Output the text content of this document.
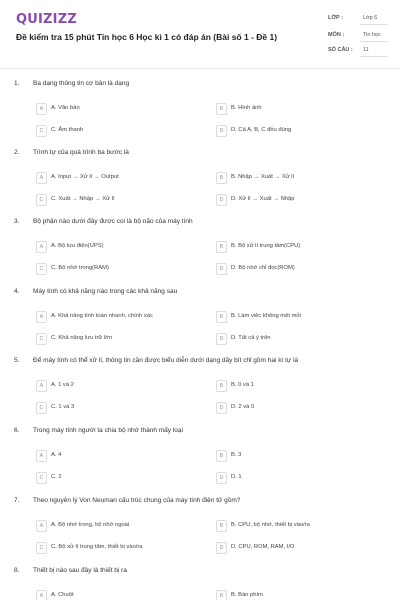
QUIZIZZ
Đề kiểm tra 15 phút Tin học 6 Học kì 1 có đáp án (Bài số 1 - Đề 1)
LỚP :	Lớp 6
MÔN :	Tin học
SỐ CÂU : 11
1. Ba dạng thông tin cơ bản là dạng
A	A. Văn bản	B	B. Hình ảnh
C	C. Âm thanh	D	D. Cả A, B, C đều đúng
2. Trình tự của quá trình ba bước là
A	A. Input → Xử lí → Output	B	B. Nhập → Xuất → Xử lí
C	C. Xuất → Nhập → Xử lí	D	D. Xử lí → Xuất → Nhập
3. Bộ phận nào dưới đây được coi là bộ não của máy tính
A	A. Bộ lưu điện(UPS)	B	B. Bộ xử lí trung tâm(CPU)
C	C. Bộ nhớ trong(RAM)	D	D. Bộ nhớ chỉ đọc(ROM)
4. Máy tính có khả năng nào trong các khả năng sau
A	A. Khả năng tính toán nhanh, chính xác	B	B. Làm việc không mệt mỏi
C	C. Khả năng lưu trữ lớn	D	D. Tất cả ý trên
5. Để máy tính có thể xử lí, thông tin cần được biểu diễn dưới dạng dãy bít chỉ gồm hai kí tự là
A	A. 1 và 2	B	B. 0 và 1
C	C. 1 và 3	D	D. 2 và 0
6. Trong máy tính người ta chia bộ nhớ thành mấy loại
A	A. 4	B	B. 3
C	C. 2	D	D. 1
7. Theo nguyên lý Von Neuman cấu trúc chung của máy tính điện tử gồm?
A	A. Bộ nhớ trong, bộ nhớ ngoài	B	B. CPU, bộ nhớ, thiết bị vào/ra
C	C. Bộ xử lí trung tâm, thiết bị vào/ra	D	D. CPU, ROM, RAM, I/O
8. Thiết bị nào sau đây là thiết bị ra
A	A. Chuột	B	B. Bàn phím
